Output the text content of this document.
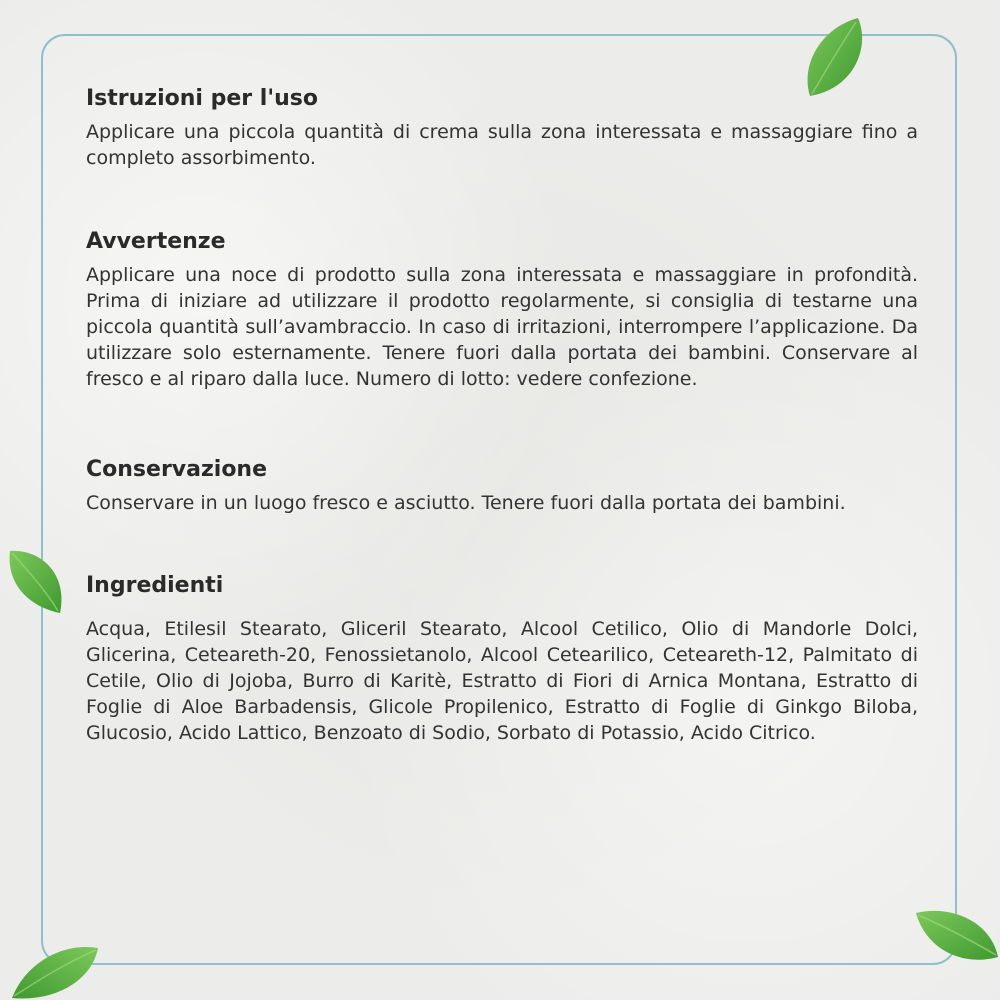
Istruzioni per l'uso

Applicare una piccola quantità di crema sulla zona interessata e massaggiare fino a completo assorbimento.

Avvertenze

Applicare una noce di prodotto sulla zona interessata e massaggiare in profondità. Prima di iniziare ad utilizzare il prodotto regolarmente, si consiglia di testarne una piccola quantità sull’avambraccio. In caso di irritazioni, interrompere l’applicazione. Da utilizzare solo esternamente. Tenere fuori dalla portata dei bambini. Conservare al fresco e al riparo dalla luce. Numero di lotto: vedere confezione.

Conservazione

Conservare in un luogo fresco e asciutto. Tenere fuori dalla portata dei bambini.

Ingredienti

Acqua, Etilesil Stearato, Gliceril Stearato, Alcool Cetilico, Olio di Mandorle Dolci, Glicerina, Ceteareth-20, Fenossietanolo, Alcool Cetearilico, Ceteareth-12, Palmitato di Cetile, Olio di Jojoba, Burro di Karitè, Estratto di Fiori di Arnica Montana, Estratto di Foglie di Aloe Barbadensis, Glicole Propilenico, Estratto di Foglie di Ginkgo Biloba, Glucosio, Acido Lattico, Benzoato di Sodio, Sorbato di Potassio, Acido Citrico.
